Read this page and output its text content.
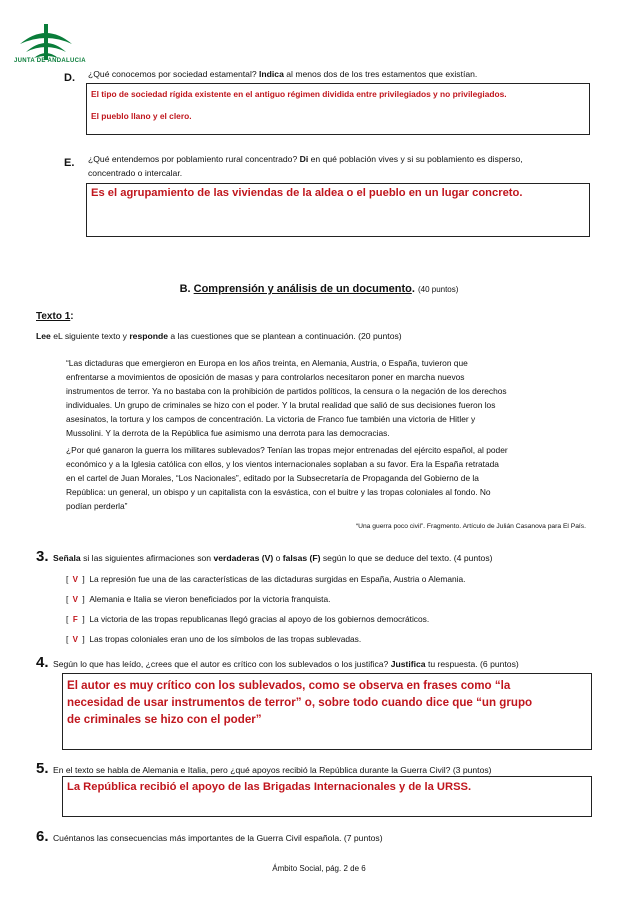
JUNTA DE ANDALUCIA
D. ¿Qué conocemos por sociedad estamental? Indica al menos dos de los tres estamentos que existían.
El tipo de sociedad rígida existente en el antiguo régimen dividida entre privilegiados y no privilegiados.
El pueblo llano y el clero.
E. ¿Qué entendemos por poblamiento rural concentrado? Di en qué población vives y si su poblamiento es disperso,
concentrado o intercalar.
Es el agrupamiento de las viviendas de la aldea o el pueblo en un lugar concreto.
B. Comprensión y análisis de un documento. (40 puntos)
Texto 1:
Lee eL siguiente texto y responde a las cuestiones que se plantean a continuación. (20 puntos)
“Las dictaduras que emergieron en Europa en los años treinta, en Alemania, Austria, o España, tuvieron que
enfrentarse a movimientos de oposición de masas y para controlarlos necesitaron poner en marcha nuevos
instrumentos de terror. Ya no bastaba con la prohibición de partidos políticos, la censura o la negación de los derechos
individuales. Un grupo de criminales se hizo con el poder. Y la brutal realidad que salió de sus decisiones fueron los
asesinatos, la tortura y los campos de concentración. La victoria de Franco fue también una victoria de Hitler y
Mussolini. Y la derrota de la República fue asimismo una derrota para las democracias.
¿Por qué ganaron la guerra los militares sublevados? Tenían las tropas mejor entrenadas del ejército español, al poder
económico y a la Iglesia católica con ellos, y los vientos internacionales soplaban a su favor. Era la España retratada
en el cartel de Juan Morales, “Los Nacionales”, editado por la Subsecretaría de Propaganda del Gobierno de la
República: un general, un obispo y un capitalista con la esvástica, con el buitre y las tropas coloniales al fondo. No
podían perderla”
“Una guerra poco civil”. Fragmento. Artículo de Julián Casanova para El País.
3. Señala si las siguientes afirmaciones son verdaderas (V) o falsas (F) según lo que se deduce del texto. (4 puntos)
[ V ]  La represión fue una de las características de las dictaduras surgidas en España, Austria o Alemania.
[ V ]  Alemania e Italia se vieron beneficiados por la victoria franquista.
[ F ]  La victoria de las tropas republicanas llegó gracias al apoyo de los gobiernos democráticos.
[ V ]  Las tropas coloniales eran uno de los símbolos de las tropas sublevadas.
4. Según lo que has leído, ¿crees que el autor es crítico con los sublevados o los justifica? Justifica tu respuesta. (6 puntos)
El autor es muy crítico con los sublevados, como se observa en frases como “la
necesidad de usar instrumentos de terror” o, sobre todo cuando dice que “un grupo
de criminales se hizo con el poder”
5. En el texto se habla de Alemania e Italia, pero ¿qué apoyos recibió la República durante la Guerra Civil? (3 puntos)
La República recibió el apoyo de las Brigadas Internacionales y de la URSS.
6. Cuéntanos las consecuencias más importantes de la Guerra Civil española. (7 puntos)
Ámbito Social, pág. 2 de 6
